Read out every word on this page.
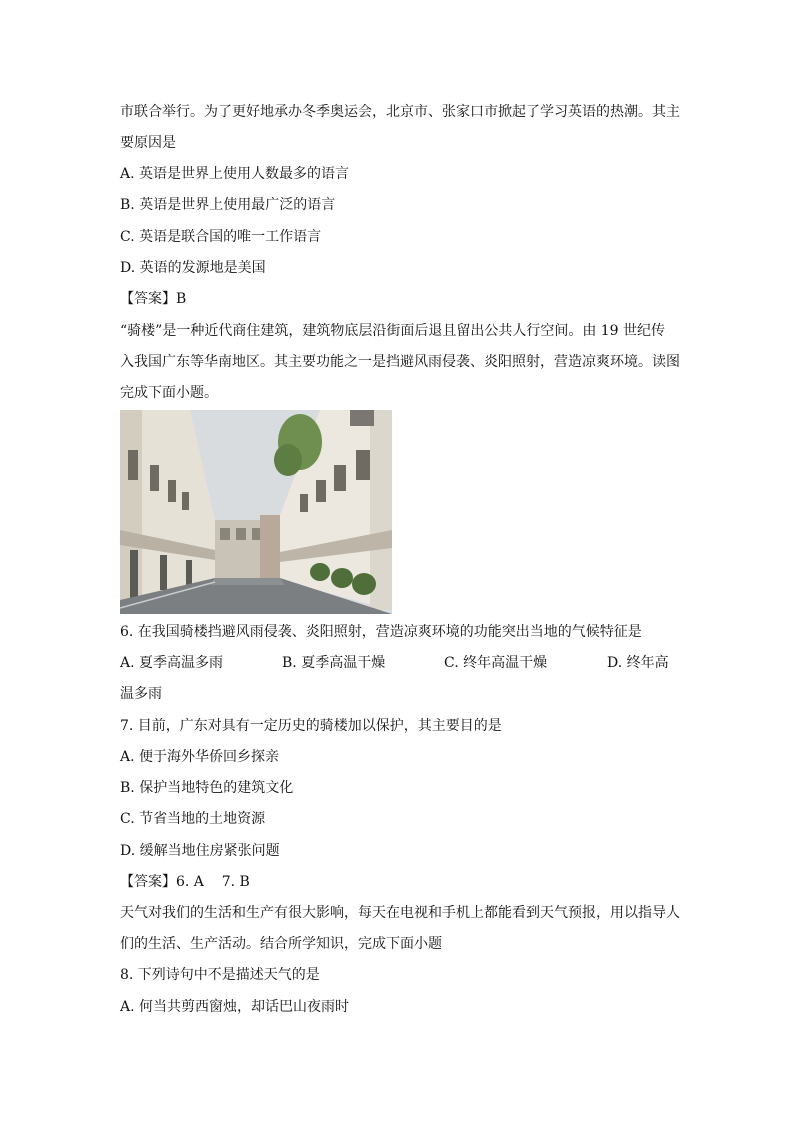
市联合举行。为了更好地承办冬季奥运会，北京市、张家口市掀起了学习英语的热潮。其主
要原因是
A. 英语是世界上使用人数最多的语言
B. 英语是世界上使用最广泛的语言
C. 英语是联合国的唯一工作语言
D. 英语的发源地是美国
【答案】B
“骑楼”是一种近代商住建筑，建筑物底层沿街面后退且留出公共人行空间。由 19 世纪传
入我国广东等华南地区。其主要功能之一是挡避风雨侵袭、炎阳照射，营造凉爽环境。读图
完成下面小题。
6. 在我国骑楼挡避风雨侵袭、炎阳照射，营造凉爽环境的功能突出当地的气候特征是
A. 夏季高温多雨	B. 夏季高温干燥	C. 终年高温干燥	D. 终年高
温多雨
7. 目前，广东对具有一定历史的骑楼加以保护，其主要目的是
A. 便于海外华侨回乡探亲
B. 保护当地特色的建筑文化
C. 节省当地的土地资源
D. 缓解当地住房紧张问题
【答案】6. A    7. B
天气对我们的生活和生产有很大影响，每天在电视和手机上都能看到天气预报，用以指导人
们的生活、生产活动。结合所学知识，完成下面小题
8. 下列诗句中不是描述天气的是
A. 何当共剪西窗烛，却话巴山夜雨时
